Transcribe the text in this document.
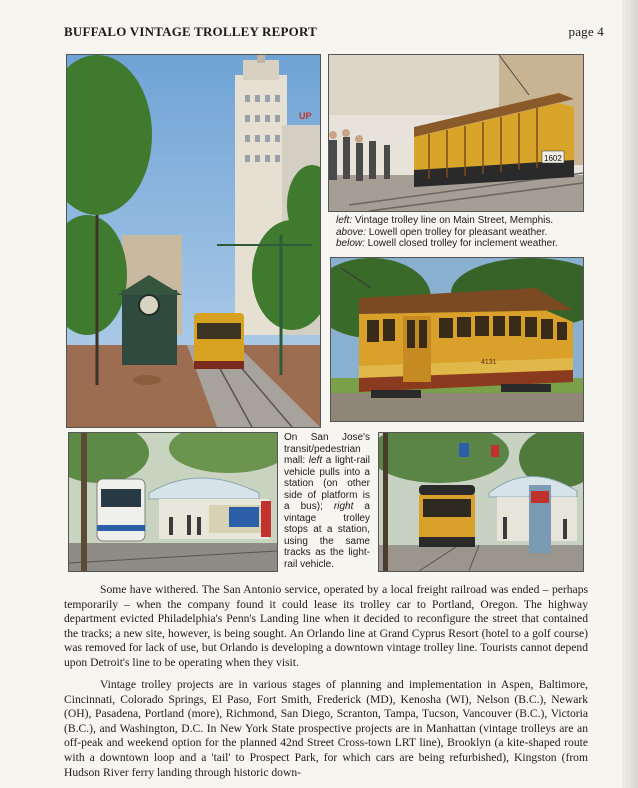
BUFFALO VINTAGE TROLLEY REPORT	page 4
UP
1602
left: Vintage trolley line on Main Street, Memphis.
above: Lowell open trolley for pleasant weather.
below: Lowell closed trolley for inclement weather.
4131
On San Jose's transit/pedestrian mall: left a light-rail vehicle pulls into a station (on other side of platform is a bus); right a vintage trolley stops at a station, using the same tracks as the light-rail vehicle.
Some have withered. The San Antonio service, operated by a local freight railroad was ended – perhaps temporarily – when the company found it could lease its trolley car to Portland, Oregon. The highway department evicted Philadelphia's Penn's Landing line when it decided to reconfigure the street that contained the tracks; a new site, however, is being sought. An Orlando line at Grand Cyprus Resort (hotel to a golf course) was removed for lack of use, but Orlando is developing a downtown vintage trolley line. Tourists cannot depend upon Detroit's line to be operating when they visit.
Vintage trolley projects are in various stages of planning and implementation in Aspen, Baltimore, Cincinnati, Colorado Springs, El Paso, Fort Smith, Frederick (MD), Kenosha (WI), Nelson (B.C.), Newark (OH), Pasadena, Portland (more), Richmond, San Diego, Scranton, Tampa, Tucson, Vancouver (B.C.), Victoria (B.C.), and Washington, D.C. In New York State prospective projects are in Manhattan (vintage trolleys are an off-peak and weekend option for the planned 42nd Street Cross-town LRT line), Brooklyn (a kite-shaped route with a downtown loop and a 'tail' to Prospect Park, for which cars are being refurbished), Kingston (from Hudson River ferry landing through historic down-
